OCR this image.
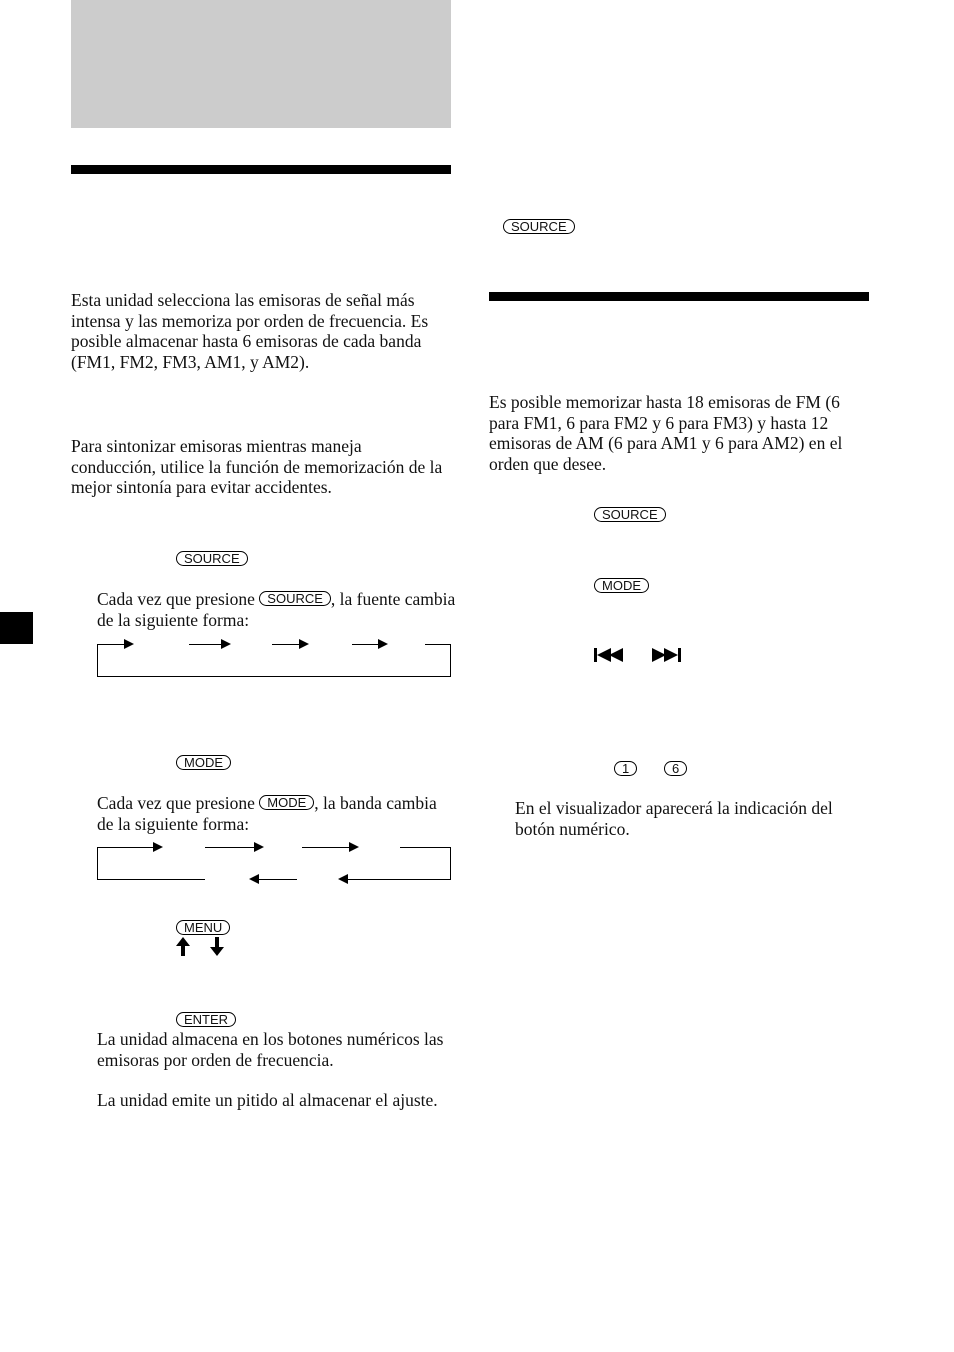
Esta unidad selecciona las emisoras de señal más intensa y las memoriza por orden de frecuencia. Es posible almacenar hasta 6 emisoras de cada banda (FM1, FM2, FM3, AM1, y AM2).

Para sintonizar emisoras mientras maneja conducción, utilice la función de memorización de la mejor sintonía para evitar accidentes.

SOURCE

Cada vez que presione SOURCE , la fuente cambia de la siguiente forma:

MODE

Cada vez que presione MODE , la banda cambia de la siguiente forma:

MENU
ENTER

La unidad almacena en los botones numéricos las emisoras por orden de frecuencia.

La unidad emite un pitido al almacenar el ajuste.

SOURCE

Es posible memorizar hasta 18 emisoras de FM (6 para FM1, 6 para FM2 y 6 para FM3) y hasta 12 emisoras de AM (6 para AM1 y 6 para AM2) en el orden que desee.

SOURCE
MODE
1	6

En el visualizador aparecerá la indicación del botón numérico.
